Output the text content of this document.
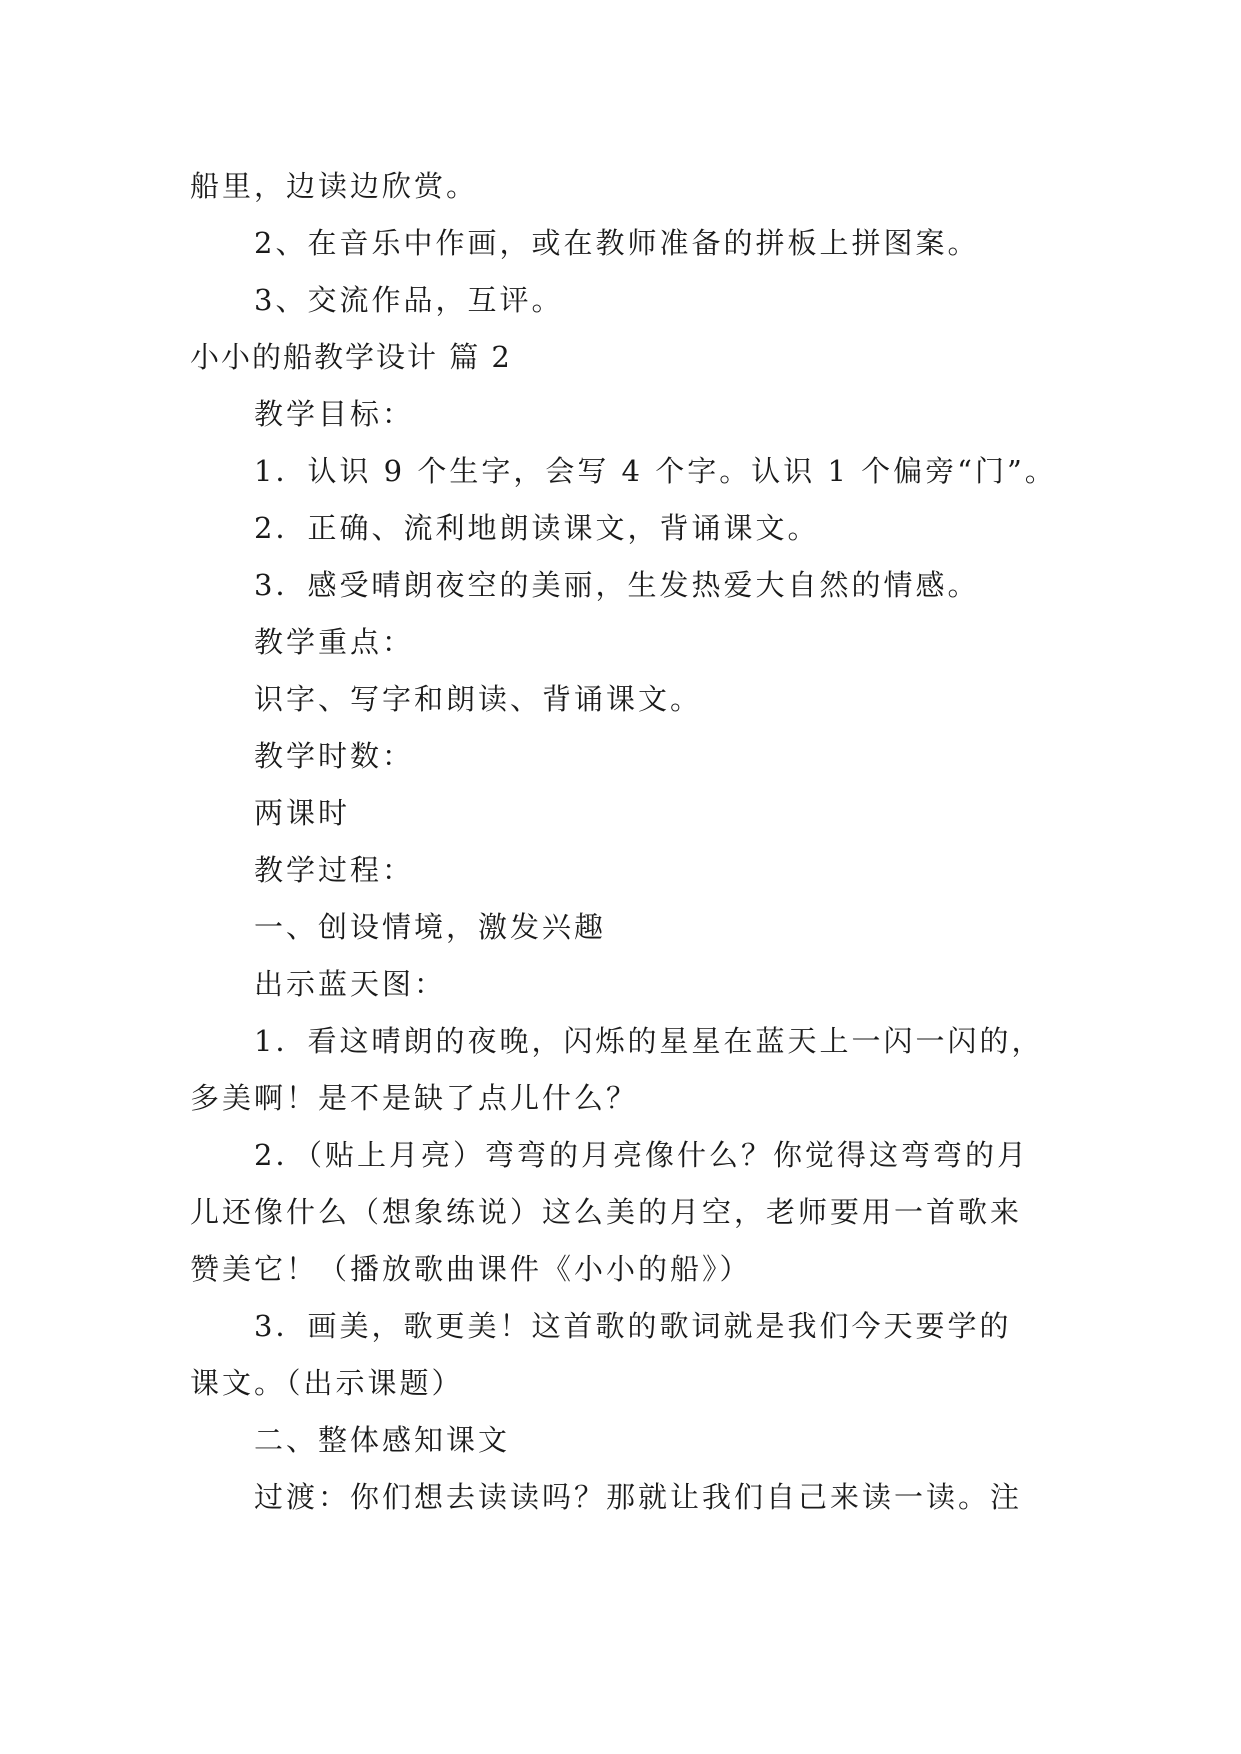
船里，边读边欣赏。
2、在音乐中作画，或在教师准备的拼板上拼图案。
3、交流作品，互评。
小小的船教学设计 篇 2
教学目标：
1．认识 9 个生字，会写 4 个字。认识 1 个偏旁“门”。
2．正确、流利地朗读课文，背诵课文。
3．感受晴朗夜空的美丽，生发热爱大自然的情感。
教学重点：
识字、写字和朗读、背诵课文。
教学时数：
两课时
教学过程：
一、创设情境，激发兴趣
出示蓝天图：
1．看这晴朗的夜晚，闪烁的星星在蓝天上一闪一闪的，
多美啊！是不是缺了点儿什么？
2．（贴上月亮）弯弯的月亮像什么？你觉得这弯弯的月
儿还像什么（想象练说）这么美的月空，老师要用一首歌来
赞美它！（播放歌曲课件《小小的船》）
3．画美，歌更美！这首歌的歌词就是我们今天要学的
课文。（出示课题）
二、整体感知课文
过渡：你们想去读读吗？那就让我们自己来读一读。注
